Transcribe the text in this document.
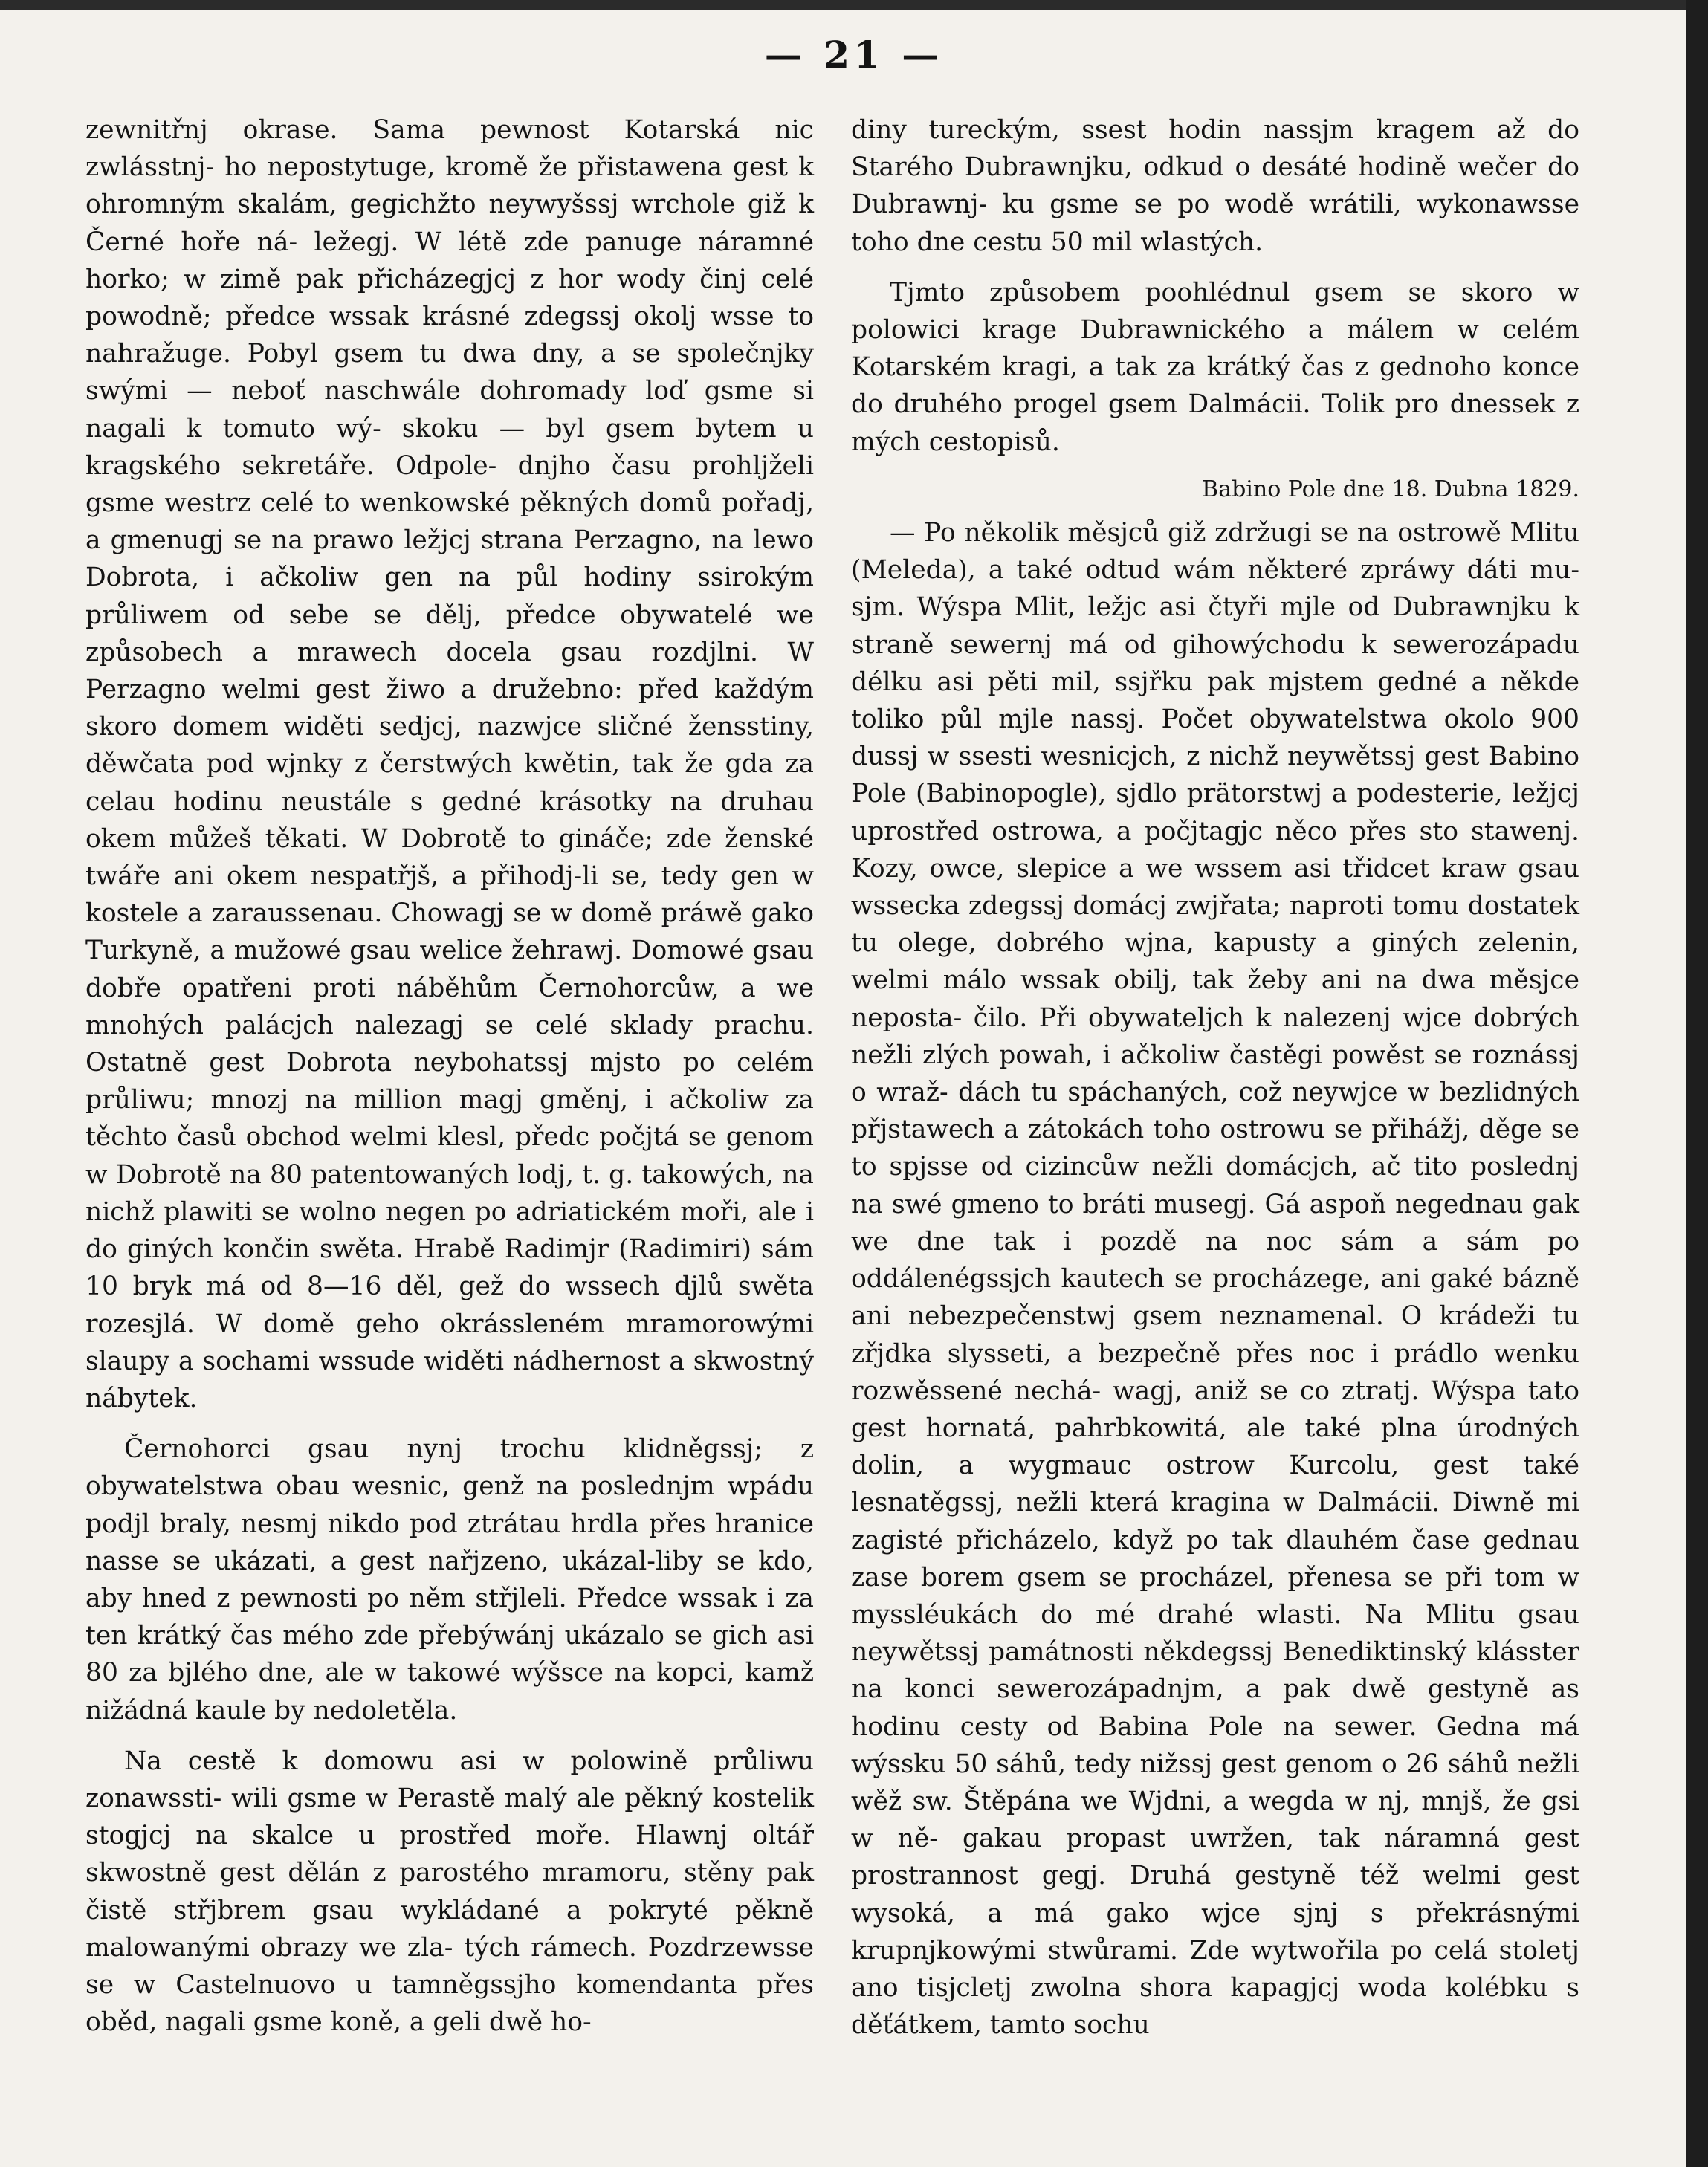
— 21 —

zewnitřnj okrase. Sama pewnost Kotarská nic zwlásstnj- ho nepostytuge, kromě že přistawena gest k ohromným skalám, gegichžto neywyšssj wrchole giž k Černé hoře ná- ležegj. W létě zde panuge náramné horko; w zimě pak přicházegjcj z hor wody činj celé powodně; předce wssak krásné zdegssj okolj wsse to nahražuge. Pobyl gsem tu dwa dny, a se společnjky swými — neboť naschwále dohromady loď gsme si nagali k tomuto wý- skoku — byl gsem bytem u kragského sekretáře. Odpole- dnjho času prohljželi gsme westrz celé to wenkowské pěkných domů pořadj, a gmenugj se na prawo ležjcj strana Perzagno, na lewo Dobrota, i ačkoliw gen na půl hodiny ssirokým průliwem od sebe se dělj, předce obywatelé we způsobech a mrawech docela gsau rozdjlni. W Perzagno welmi gest žiwo a družebno: před každým skoro domem widěti sedjcj, nazwjce sličné žensstiny, děwčata pod wjnky z čerstwých kwětin, tak že gda za celau hodinu neustále s gedné krásotky na druhau okem můžeš těkati. W Dobrotě to gináče; zde ženské twáře ani okem nespatřjš, a přihodj-li se, tedy gen w kostele a zaraussenau. Chowagj se w domě práwě gako Turkyně, a mužowé gsau welice žehrawj. Domowé gsau dobře opatřeni proti náběhům Černohorcůw, a we mnohých palácjch nalezagj se celé sklady prachu. Ostatně gest Dobrota neybohatssj mjsto po celém průliwu; mnozj na million magj gměnj, i ačkoliw za těchto časů obchod welmi klesl, předc počjtá se genom w Dobrotě na 80 patentowaných lodj, t. g. takowých, na nichž plawiti se wolno negen po adriatickém moři, ale i do giných končin swěta. Hrabě Radimjr (Radimiri) sám 10 bryk má od 8—16 děl, gež do wssech djlů swěta rozesjlá. W domě geho okrássleném mramorowými slaupy a sochami wssude widěti nádhernost a skwostný nábytek.

Černohorci gsau nynj trochu klidněgssj; z obywatelstwa obau wesnic, genž na poslednjm wpádu podjl braly, nesmj nikdo pod ztrátau hrdla přes hranice nasse se ukázati, a gest nařjzeno, ukázal-liby se kdo, aby hned z pewnosti po něm střjleli. Předce wssak i za ten krátký čas mého zde přebýwánj ukázalo se gich asi 80 za bjlého dne, ale w takowé wýšsce na kopci, kamž nižádná kaule by nedoletěla.

Na cestě k domowu asi w polowině průliwu zonawssti- wili gsme w Perastě malý ale pěkný kostelik stogjcj na skalce u prostřed moře. Hlawnj oltář skwostně gest dělán z parostého mramoru, stěny pak čistě střjbrem gsau wykládané a pokryté pěkně malowanými obrazy we zla- tých rámech. Pozdrzewsse se w Castelnuovo u tamněgssjho komendanta přes oběd, nagali gsme koně, a geli dwě ho-

diny tureckým, ssest hodin nassjm kragem až do Starého Dubrawnjku, odkud o desáté hodině wečer do Dubrawnj- ku gsme se po wodě wrátili, wykonawsse toho dne cestu 50 mil wlastých.

Tjmto způsobem poohlédnul gsem se skoro w polowici krage Dubrawnického a málem w celém Kotarském kragi, a tak za krátký čas z gednoho konce do druhého progel gsem Dalmácii. Tolik pro dnessek z mých cestopisů.

Babino Pole dne 18. Dubna 1829.

— Po několik měsjců giž zdržugi se na ostrowě Mlitu (Meleda), a také odtud wám některé zpráwy dáti mu- sjm. Wýspa Mlit, ležjc asi čtyři mjle od Dubrawnjku k straně sewernj má od gihowýchodu k sewerozápadu délku asi pěti mil, ssjřku pak mjstem gedné a někde toliko půl mjle nassj. Počet obywatelstwa okolo 900 dussj w ssesti wesnicjch, z nichž neywětssj gest Babino Pole (Babinopogle), sjdlo prätorstwj a podesterie, ležjcj uprostřed ostrowa, a počjtagjc něco přes sto stawenj. Kozy, owce, slepice a we wssem asi třidcet kraw gsau wssecka zdegssj domácj zwjřata; naproti tomu dostatek tu olege, dobrého wjna, kapusty a giných zelenin, welmi málo wssak obilj, tak žeby ani na dwa měsjce neposta- čilo. Při obywateljch k nalezenj wjce dobrých nežli zlých powah, i ačkoliw častěgi powěst se roznássj o wraž- dách tu spáchaných, což neywjce w bezlidných přjstawech a zátokách toho ostrowu se přihážj, děge se to spjsse od cizincůw nežli domácjch, ač tito poslednj na swé gmeno to bráti musegj. Gá aspoň negednau gak we dne tak i pozdě na noc sám a sám po oddálenégssjch kautech se procházege, ani gaké bázně ani nebezpečenstwj gsem neznamenal. O krádeži tu zřjdka slysseti, a bezpečně přes noc i prádlo wenku rozwěssené nechá- wagj, aniž se co ztratj. Wýspa tato gest hornatá, pahrbkowitá, ale také plna úrodných dolin, a wygmauc ostrow Kurcolu, gest také lesnatěgssj, nežli která kragina w Dalmácii. Diwně mi zagisté přicházelo, když po tak dlauhém čase gednau zase borem gsem se procházel, přenesa se při tom w myssléukách do mé drahé wlasti. Na Mlitu gsau neywětssj památnosti někdegssj Benediktinský klásster na konci sewerozápadnjm, a pak dwě gestyně as hodinu cesty od Babina Pole na sewer. Gedna má wýssku 50 sáhů, tedy nižssj gest genom o 26 sáhů nežli wěž sw. Štěpána we Wjdni, a wegda w nj, mnjš, že gsi w ně- gakau propast uwržen, tak náramná gest prostrannost gegj. Druhá gestyně též welmi gest wysoká, a má gako wjce sjnj s překrásnými krupnjkowými stwůrami. Zde wytwořila po celá stoletj ano tisjcletj zwolna shora kapagjcj woda kolébku s děťátkem, tamto sochu
